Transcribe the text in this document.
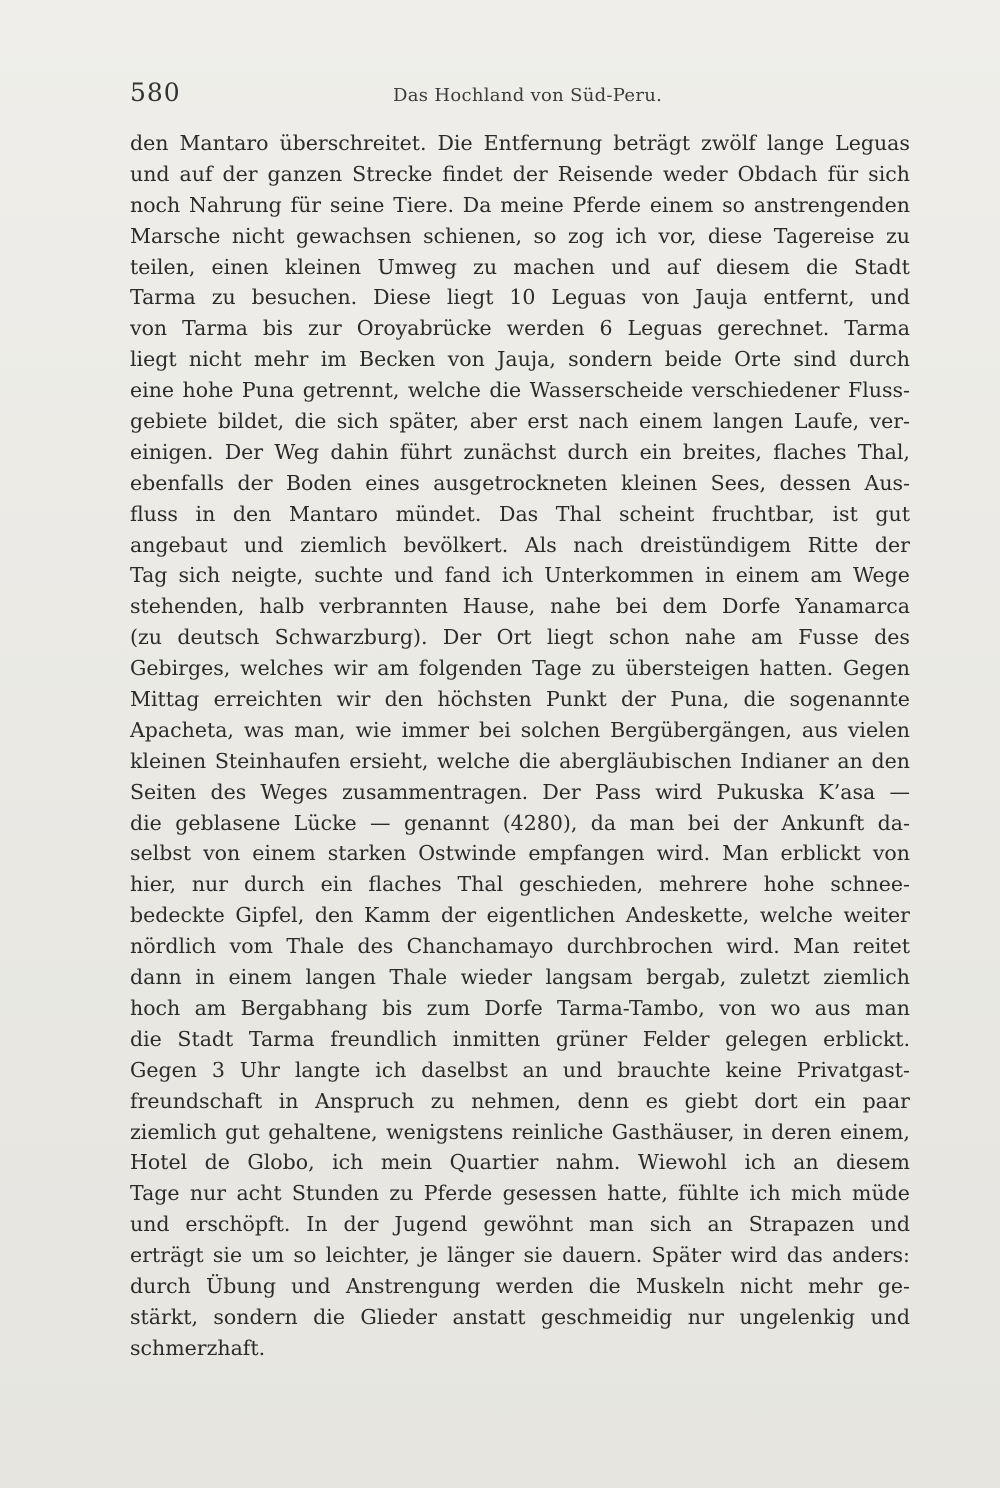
580	Das Hochland von Süd-Peru.
den Mantaro überschreitet. Die Entfernung beträgt zwölf lange Leguas
und auf der ganzen Strecke findet der Reisende weder Obdach für sich
noch Nahrung für seine Tiere. Da meine Pferde einem so anstrengenden
Marsche nicht gewachsen schienen, so zog ich vor, diese Tagereise zu
teilen, einen kleinen Umweg zu machen und auf diesem die Stadt
Tarma zu besuchen. Diese liegt 10 Leguas von Jauja entfernt, und
von Tarma bis zur Oroyabrücke werden 6 Leguas gerechnet. Tarma
liegt nicht mehr im Becken von Jauja, sondern beide Orte sind durch
eine hohe Puna getrennt, welche die Wasserscheide verschiedener Fluss-
gebiete bildet, die sich später, aber erst nach einem langen Laufe, ver-
einigen. Der Weg dahin führt zunächst durch ein breites, flaches Thal,
ebenfalls der Boden eines ausgetrockneten kleinen Sees, dessen Aus-
fluss in den Mantaro mündet. Das Thal scheint fruchtbar, ist gut
angebaut und ziemlich bevölkert. Als nach dreistündigem Ritte der
Tag sich neigte, suchte und fand ich Unterkommen in einem am Wege
stehenden, halb verbrannten Hause, nahe bei dem Dorfe Yanamarca
(zu deutsch Schwarzburg). Der Ort liegt schon nahe am Fusse des
Gebirges, welches wir am folgenden Tage zu übersteigen hatten. Gegen
Mittag erreichten wir den höchsten Punkt der Puna, die sogenannte
Apacheta, was man, wie immer bei solchen Bergübergängen, aus vielen
kleinen Steinhaufen ersieht, welche die abergläubischen Indianer an den
Seiten des Weges zusammentragen. Der Pass wird Pukuska K’asa —
die geblasene Lücke — genannt (4280), da man bei der Ankunft da-
selbst von einem starken Ostwinde empfangen wird. Man erblickt von
hier, nur durch ein flaches Thal geschieden, mehrere hohe schnee-
bedeckte Gipfel, den Kamm der eigentlichen Andeskette, welche weiter
nördlich vom Thale des Chanchamayo durchbrochen wird. Man reitet
dann in einem langen Thale wieder langsam bergab, zuletzt ziemlich
hoch am Bergabhang bis zum Dorfe Tarma-Tambo, von wo aus man
die Stadt Tarma freundlich inmitten grüner Felder gelegen erblickt.
Gegen 3 Uhr langte ich daselbst an und brauchte keine Privatgast-
freundschaft in Anspruch zu nehmen, denn es giebt dort ein paar
ziemlich gut gehaltene, wenigstens reinliche Gasthäuser, in deren einem,
Hotel de Globo, ich mein Quartier nahm. Wiewohl ich an diesem
Tage nur acht Stunden zu Pferde gesessen hatte, fühlte ich mich müde
und erschöpft. In der Jugend gewöhnt man sich an Strapazen und
erträgt sie um so leichter, je länger sie dauern. Später wird das anders:
durch Übung und Anstrengung werden die Muskeln nicht mehr ge-
stärkt, sondern die Glieder anstatt geschmeidig nur ungelenkig und
schmerzhaft.
